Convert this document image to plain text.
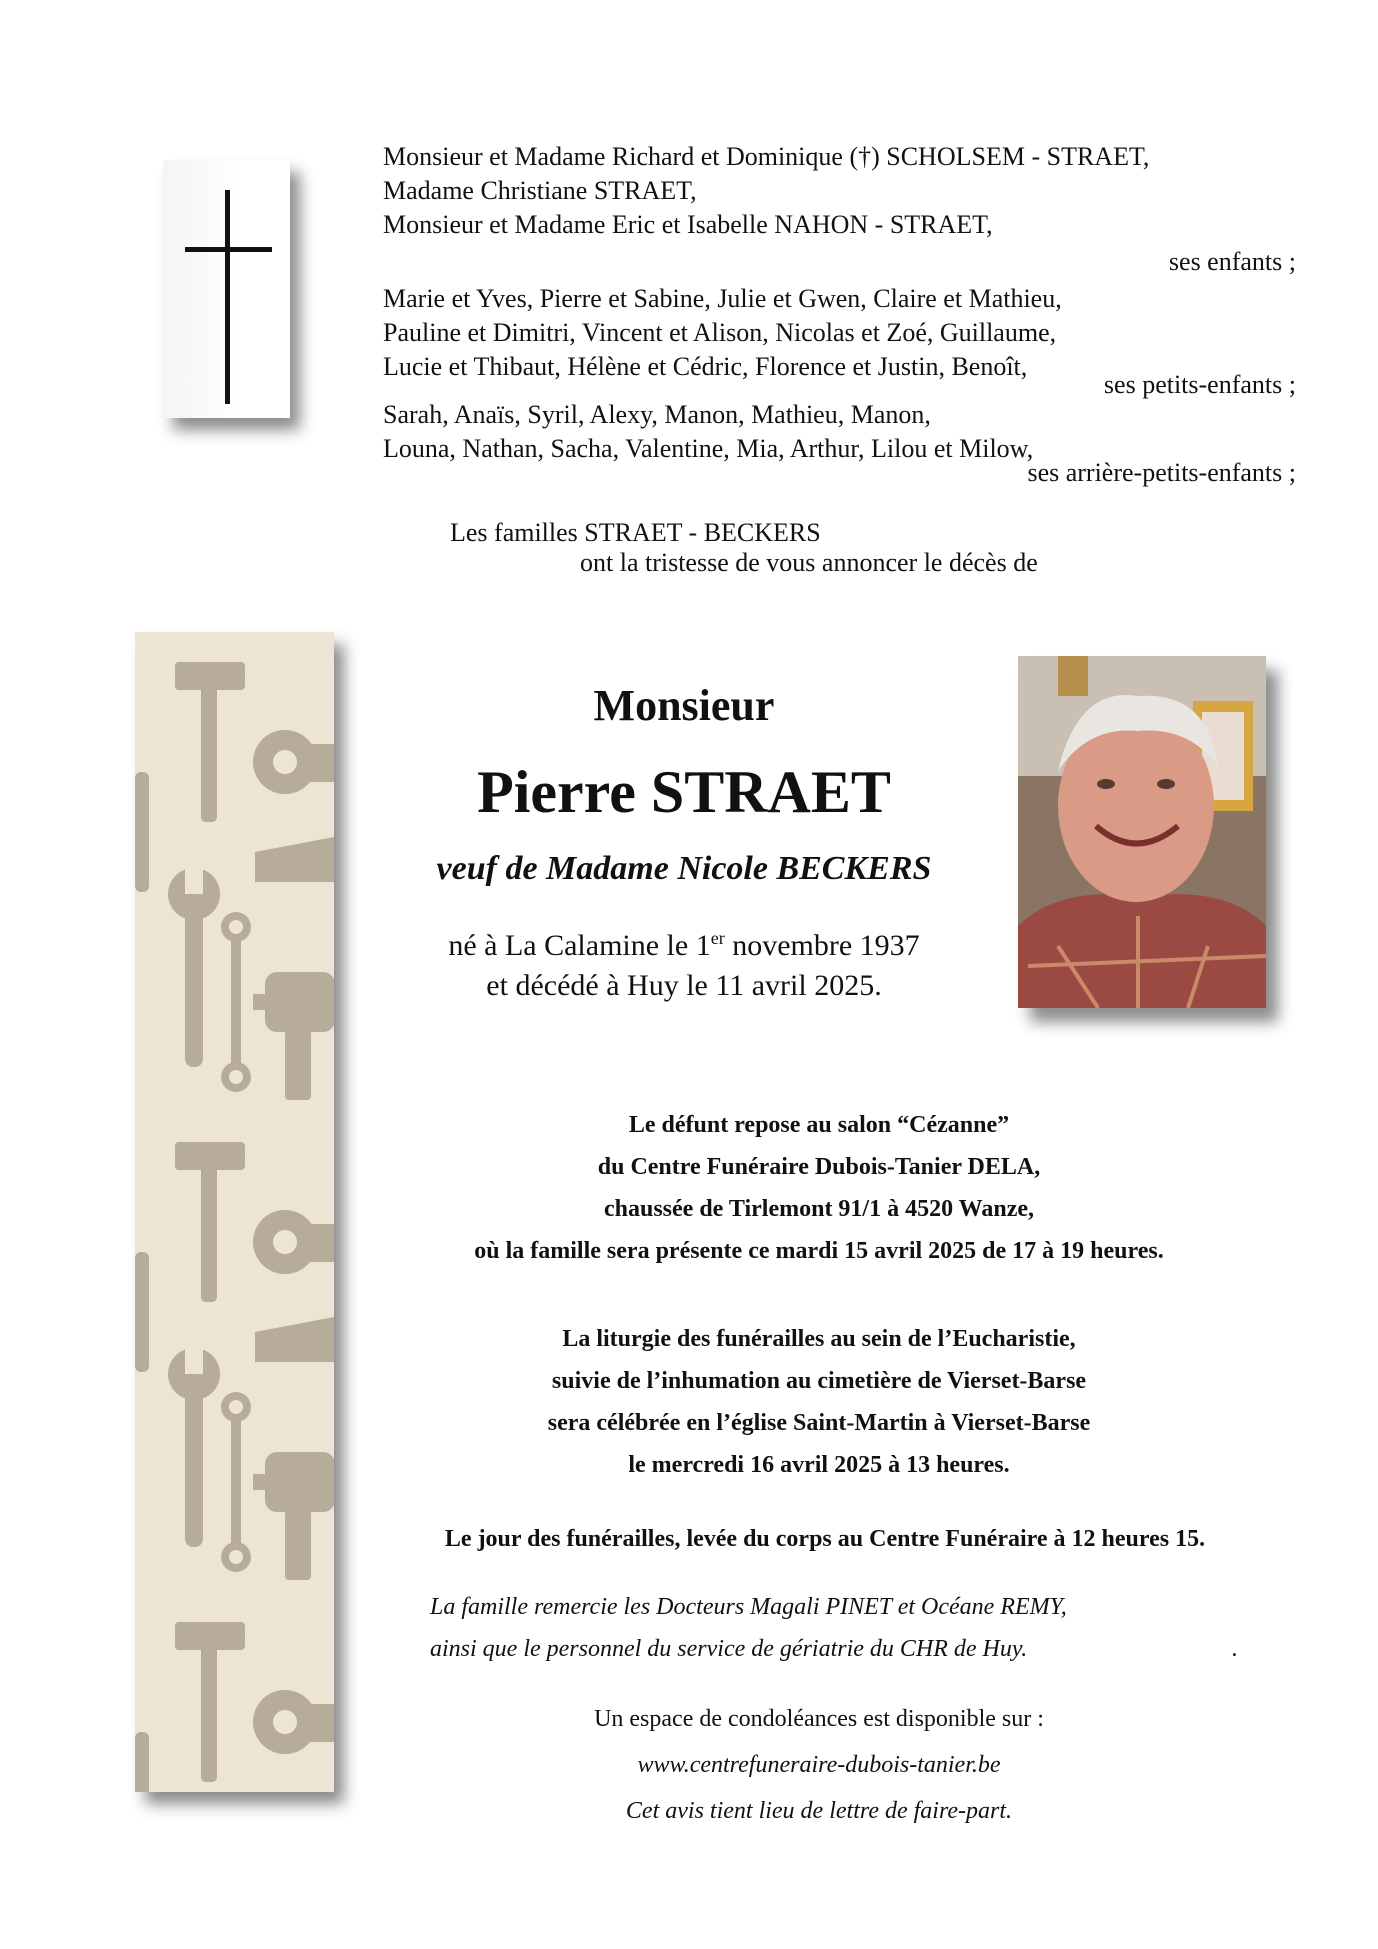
Monsieur et Madame Richard et Dominique (†) SCHOLSEM - STRAET,
Madame Christiane STRAET,
Monsieur et Madame Eric et Isabelle NAHON - STRAET,
ses enfants ;
Marie et Yves, Pierre et Sabine, Julie et Gwen, Claire et Mathieu,
Pauline et Dimitri, Vincent et Alison, Nicolas et Zoé, Guillaume,
Lucie et Thibaut, Hélène et Cédric, Florence et Justin, Benoît,
ses petits-enfants ;
Sarah, Anaïs, Syril, Alexy, Manon, Mathieu, Manon,
Louna, Nathan, Sacha, Valentine, Mia, Arthur, Lilou et Milow,
ses arrière-petits-enfants ;
Les familles STRAET - BECKERS
ont la tristesse de vous annoncer le décès de
Monsieur
Pierre STRAET
veuf de Madame Nicole BECKERS
né à La Calamine le 1er novembre 1937
et décédé à Huy le 11 avril 2025.
Le défunt repose au salon “Cézanne”
du Centre Funéraire Dubois-Tanier DELA,
chaussée de Tirlemont 91/1 à 4520 Wanze,
où la famille sera présente ce mardi 15 avril 2025 de 17 à 19 heures.
La liturgie des funérailles au sein de l’Eucharistie,
suivie de l’inhumation au cimetière de Vierset-Barse
sera célébrée en l’église Saint-Martin à Vierset-Barse
le mercredi 16 avril 2025 à 13 heures.
Le jour des funérailles, levée du corps au Centre Funéraire à 12 heures 15.
La famille remercie les Docteurs Magali PINET et Océane REMY,
ainsi que le personnel du service de gériatrie du CHR de Huy.	.
Un espace de condoléances est disponible sur :
www.centrefuneraire-dubois-tanier.be
Cet avis tient lieu de lettre de faire-part.
